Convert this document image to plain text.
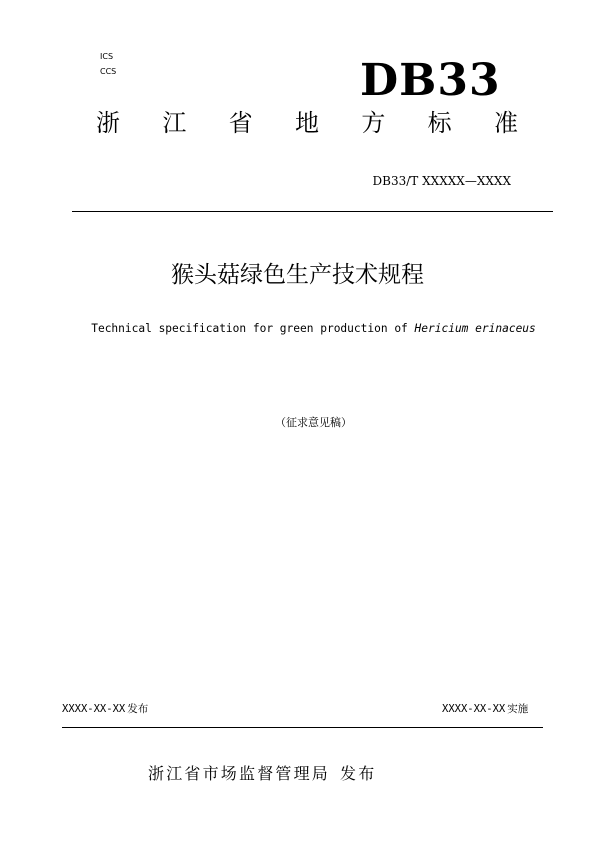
ICS
CCS	DB33
浙 江 省 地 方 标 准
DB33/T XXXXX—XXXX
猴头菇绿色生产技术规程
Technical specification for green production of Hericium erinaceus
（征求意见稿）
XXXX-XX-XX 发布	XXXX-XX-XX 实施
浙江省市场监督管理局 发布
